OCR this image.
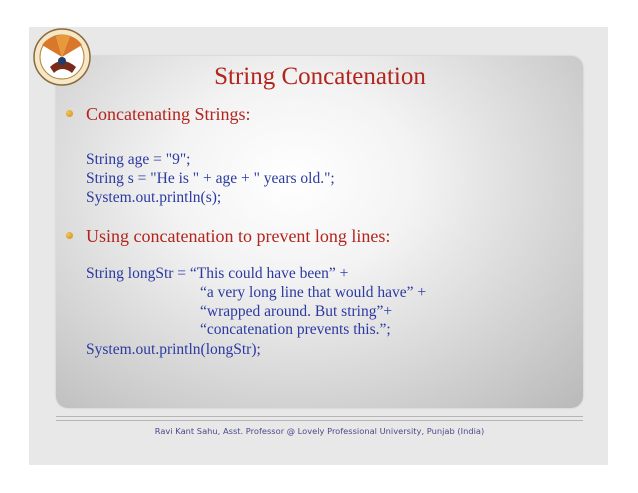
String Concatenation
Concatenating Strings:
String age = "9";
String s = "He is " + age + " years old.";
System.out.println(s);
Using concatenation to prevent long lines:
String longStr = “This could have been” +
“a very long line that would have” +
“wrapped around. But string”+
“concatenation prevents this.”;
System.out.println(longStr);
Ravi Kant Sahu, Asst. Professor @ Lovely Professional University, Punjab (India)
